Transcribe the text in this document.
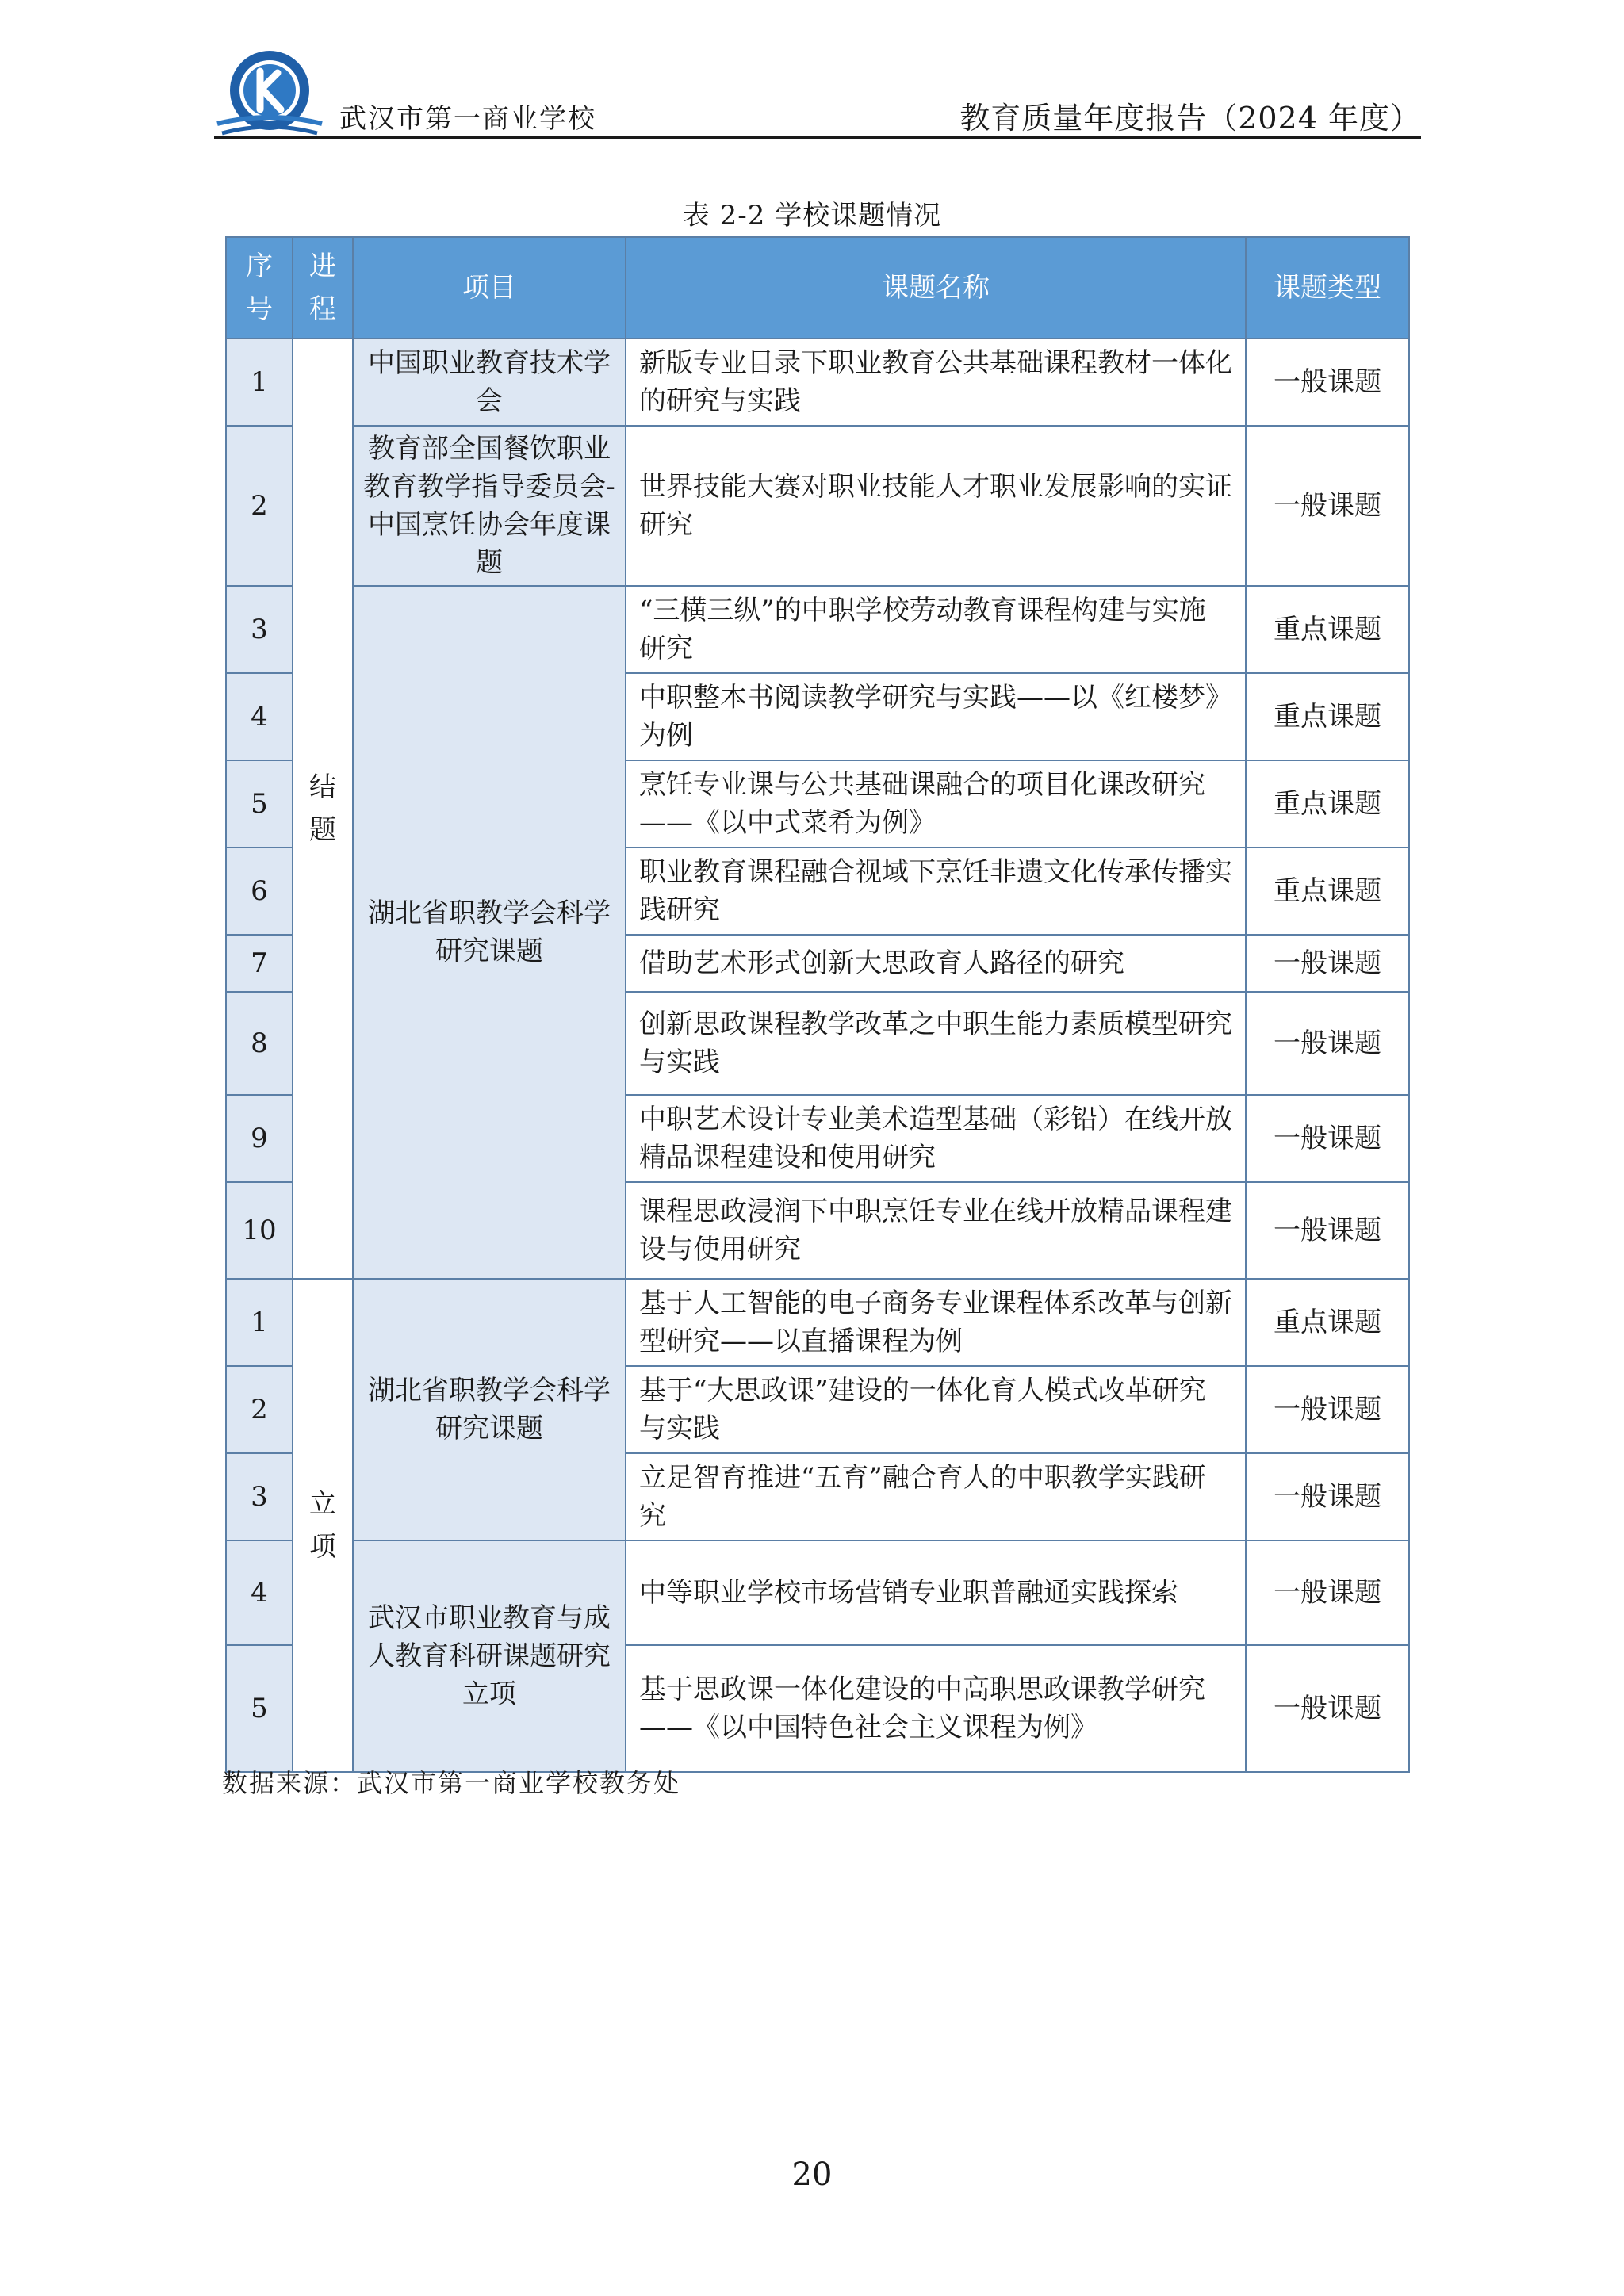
武汉市第一商业学校	教育质量年度报告（2024 年度）
表 2-2 学校课题情况
序号	进程	项目	课题名称	课题类型
1	结题	中国职业教育技术学会	新版专业目录下职业教育公共基础课程教材一体化的研究与实践	一般课题
2		教育部全国餐饮职业教育教学指导委员会-中国烹饪协会年度课题	世界技能大赛对职业技能人才职业发展影响的实证研究	一般课题
3		湖北省职教学会科学研究课题	“三横三纵”的中职学校劳动教育课程构建与实施研究	重点课题
4			中职整本书阅读教学研究与实践——以《红楼梦》为例	重点课题
5			烹饪专业课与公共基础课融合的项目化课改研究——《以中式菜肴为例》	重点课题
6			职业教育课程融合视域下烹饪非遗文化传承传播实践研究	重点课题
7			借助艺术形式创新大思政育人路径的研究	一般课题
8			创新思政课程教学改革之中职生能力素质模型研究与实践	一般课题
9			中职艺术设计专业美术造型基础（彩铅）在线开放精品课程建设和使用研究	一般课题
10			课程思政浸润下中职烹饪专业在线开放精品课程建设与使用研究	一般课题
1	立项	湖北省职教学会科学研究课题	基于人工智能的电子商务专业课程体系改革与创新型研究——以直播课程为例	重点课题
2			基于“大思政课”建设的一体化育人模式改革研究与实践	一般课题
3			立足智育推进“五育”融合育人的中职教学实践研究	一般课题
4		武汉市职业教育与成人教育科研课题研究立项	中等职业学校市场营销专业职普融通实践探索	一般课题
5			基于思政课一体化建设的中高职思政课教学研究——《以中国特色社会主义课程为例》	一般课题
数据来源：武汉市第一商业学校教务处
20
